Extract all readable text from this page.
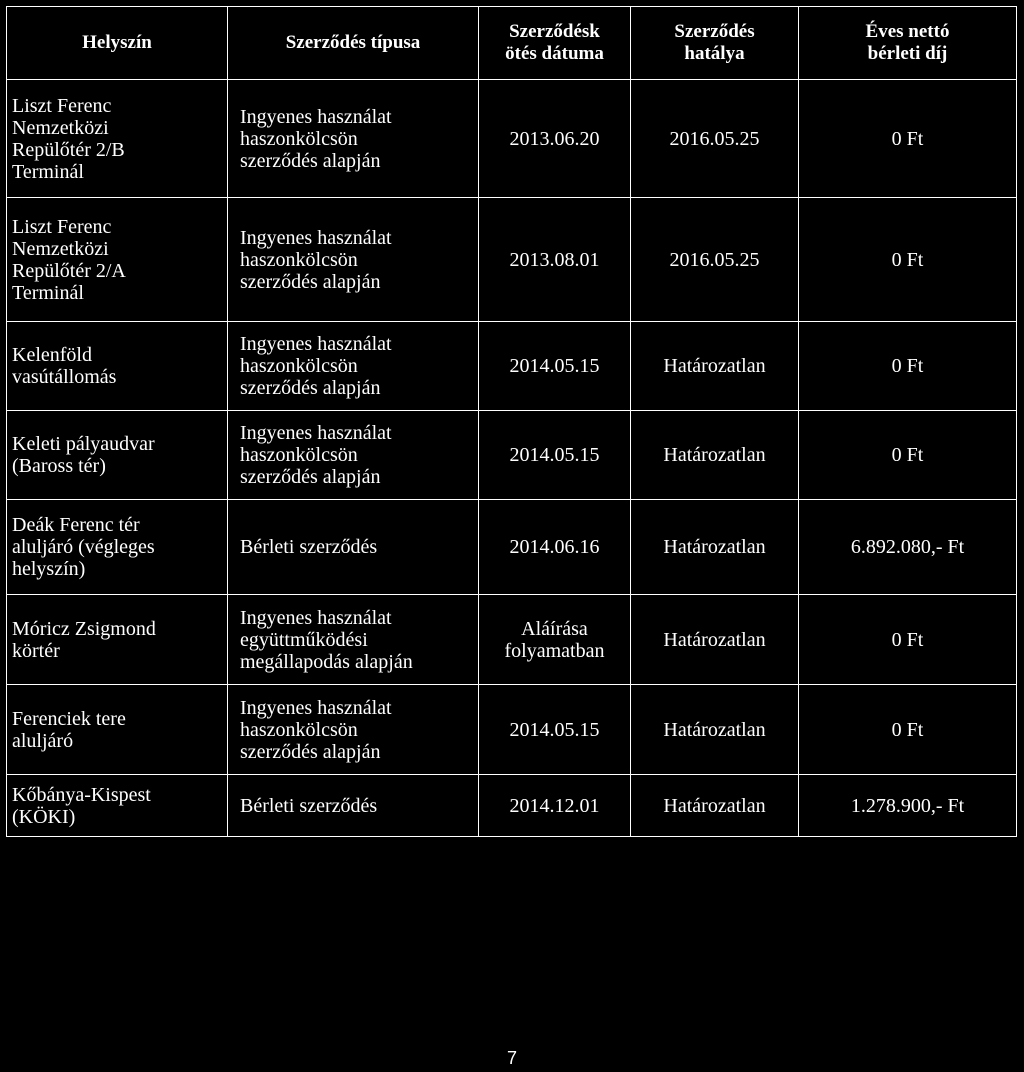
Helyszín	Szerződés típusa	Szerződésk
ötés dátuma	Szerződés
hatálya	Éves nettó
bérleti díj
Liszt Ferenc
Nemzetközi
Repülőtér 2/B
Terminál	Ingyenes használat
haszonkölcsön
szerződés alapján	2013.06.20	2016.05.25	0 Ft
Liszt Ferenc
Nemzetközi
Repülőtér 2/A
Terminál	Ingyenes használat
haszonkölcsön
szerződés alapján	2013.08.01	2016.05.25	0 Ft
Kelenföld
vasútállomás	Ingyenes használat
haszonkölcsön
szerződés alapján	2014.05.15	Határozatlan	0 Ft
Keleti pályaudvar
(Baross tér)	Ingyenes használat
haszonkölcsön
szerződés alapján	2014.05.15	Határozatlan	0 Ft
Deák Ferenc tér
aluljáró (végleges
helyszín)	Bérleti szerződés	2014.06.16	Határozatlan	6.892.080,- Ft
Móricz Zsigmond
körtér	Ingyenes használat
együttműködési
megállapodás alapján	Aláírása
folyamatban	Határozatlan	0 Ft
Ferenciek tere
aluljáró	Ingyenes használat
haszonkölcsön
szerződés alapján	2014.05.15	Határozatlan	0 Ft
Kőbánya-Kispest
(KÖKI)	Bérleti szerződés	2014.12.01	Határozatlan	1.278.900,- Ft
7
